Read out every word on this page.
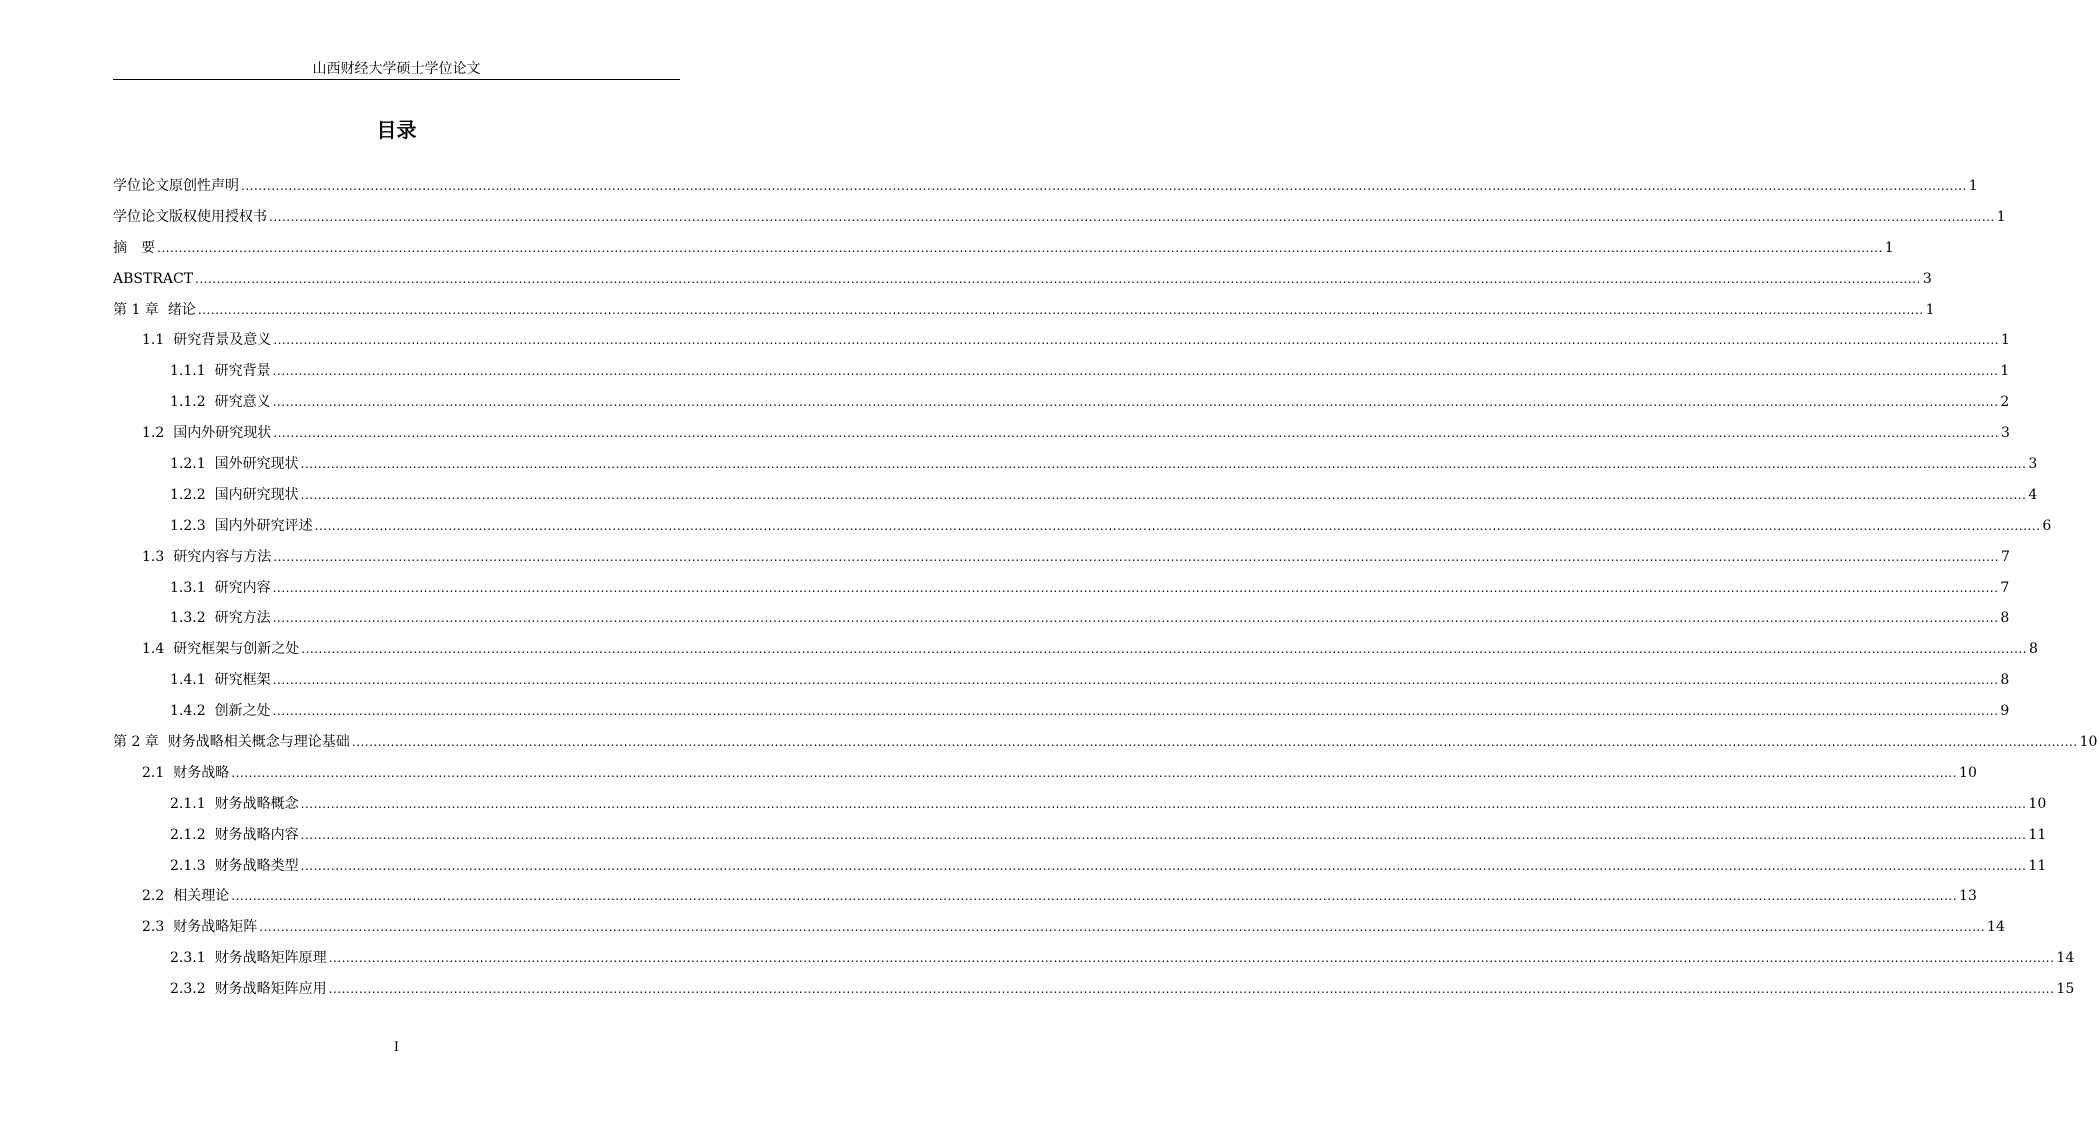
山西财经大学硕士学位论文
目录
学位论文原创性声明 ................................................................................................................................................................................................................................................................................................................................................................................................................ 1
学位论文版权使用授权书 ................................................................................................................................................................................................................................................................................................................................................................................................................ 1
摘　要 ................................................................................................................................................................................................................................................................................................................................................................................................................ 1
ABSTRACT ................................................................................................................................................................................................................................................................................................................................................................................................................ 3
第 1 章 绪论 ................................................................................................................................................................................................................................................................................................................................................................................................................ 1
1.1 研究背景及意义 ................................................................................................................................................................................................................................................................................................................................................................................................................ 1
1.1.1 研究背景 ................................................................................................................................................................................................................................................................................................................................................................................................................ 1
1.1.2 研究意义 ................................................................................................................................................................................................................................................................................................................................................................................................................ 2
1.2 国内外研究现状 ................................................................................................................................................................................................................................................................................................................................................................................................................ 3
1.2.1 国外研究现状 ................................................................................................................................................................................................................................................................................................................................................................................................................ 3
1.2.2 国内研究现状 ................................................................................................................................................................................................................................................................................................................................................................................................................ 4
1.2.3 国内外研究评述 ................................................................................................................................................................................................................................................................................................................................................................................................................ 6
1.3 研究内容与方法 ................................................................................................................................................................................................................................................................................................................................................................................................................ 7
1.3.1 研究内容 ................................................................................................................................................................................................................................................................................................................................................................................................................ 7
1.3.2 研究方法 ................................................................................................................................................................................................................................................................................................................................................................................................................ 8
1.4 研究框架与创新之处 ................................................................................................................................................................................................................................................................................................................................................................................................................ 8
1.4.1 研究框架 ................................................................................................................................................................................................................................................................................................................................................................................................................ 8
1.4.2 创新之处 ................................................................................................................................................................................................................................................................................................................................................................................................................ 9
第 2 章 财务战略相关概念与理论基础 ................................................................................................................................................................................................................................................................................................................................................................................................................ 10
2.1 财务战略 ................................................................................................................................................................................................................................................................................................................................................................................................................ 10
2.1.1 财务战略概念 ................................................................................................................................................................................................................................................................................................................................................................................................................ 10
2.1.2 财务战略内容 ................................................................................................................................................................................................................................................................................................................................................................................................................ 11
2.1.3 财务战略类型 ................................................................................................................................................................................................................................................................................................................................................................................................................ 11
2.2 相关理论 ................................................................................................................................................................................................................................................................................................................................................................................................................ 13
2.3 财务战略矩阵 ................................................................................................................................................................................................................................................................................................................................................................................................................ 14
2.3.1 财务战略矩阵原理 ................................................................................................................................................................................................................................................................................................................................................................................................................ 14
2.3.2 财务战略矩阵应用 ................................................................................................................................................................................................................................................................................................................................................................................................................ 15
I
